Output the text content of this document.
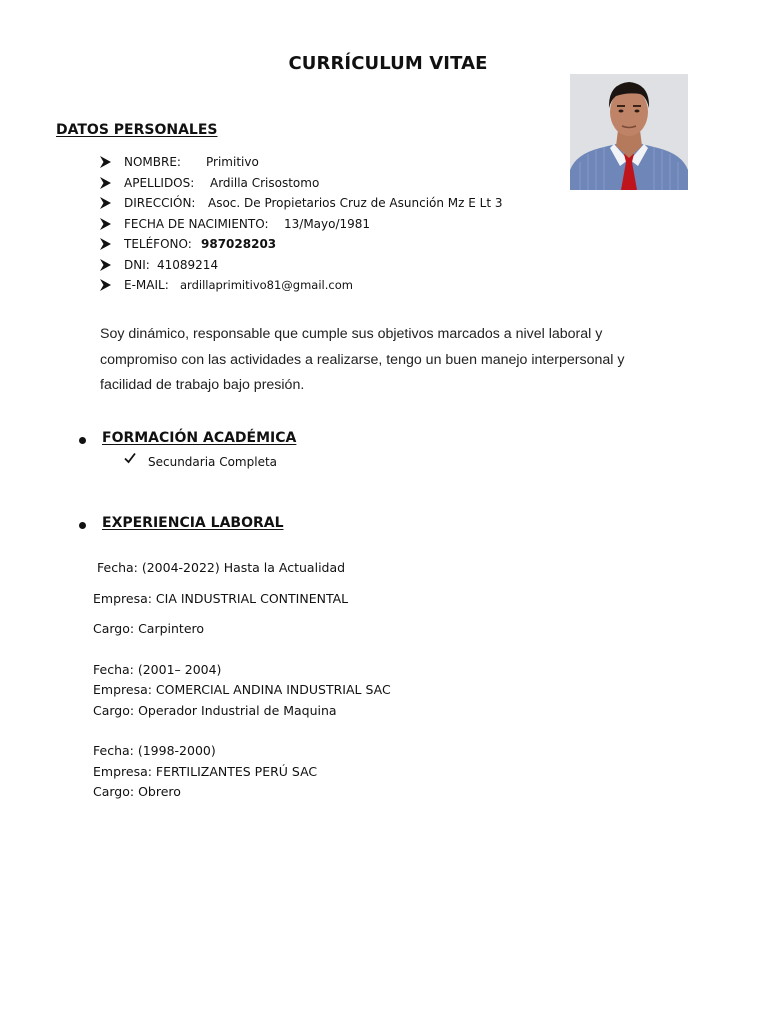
CURRÍCULUM VITAE
DATOS PERSONALES
NOMBRE: Primitivo
APELLIDOS: Ardilla Crisostomo
DIRECCIÓN: Asoc. De Propietarios Cruz de Asunción Mz E Lt 3
FECHA DE NACIMIENTO: 13/Mayo/1981
TELÉFONO: 987028203
DNI: 41089214
E-MAIL: ardillaprimitivo81@gmail.com

Soy dinámico, responsable que cumple sus objetivos marcados a nivel laboral y

compromiso con las actividades a realizarse, tengo un buen manejo interpersonal y

facilidad de trabajo bajo presión.

FORMACIÓN ACADÉMICA
Secundaria Completa
EXPERIENCIA LABORAL
Fecha: (2004-2022) Hasta la Actualidad
Empresa: CIA INDUSTRIAL CONTINENTAL
Cargo: Carpintero
Fecha: (2001– 2004)
Empresa: COMERCIAL ANDINA INDUSTRIAL SAC
Cargo: Operador Industrial de Maquina
Fecha: (1998-2000)
Empresa: FERTILIZANTES PERÚ SAC
Cargo: Obrero
